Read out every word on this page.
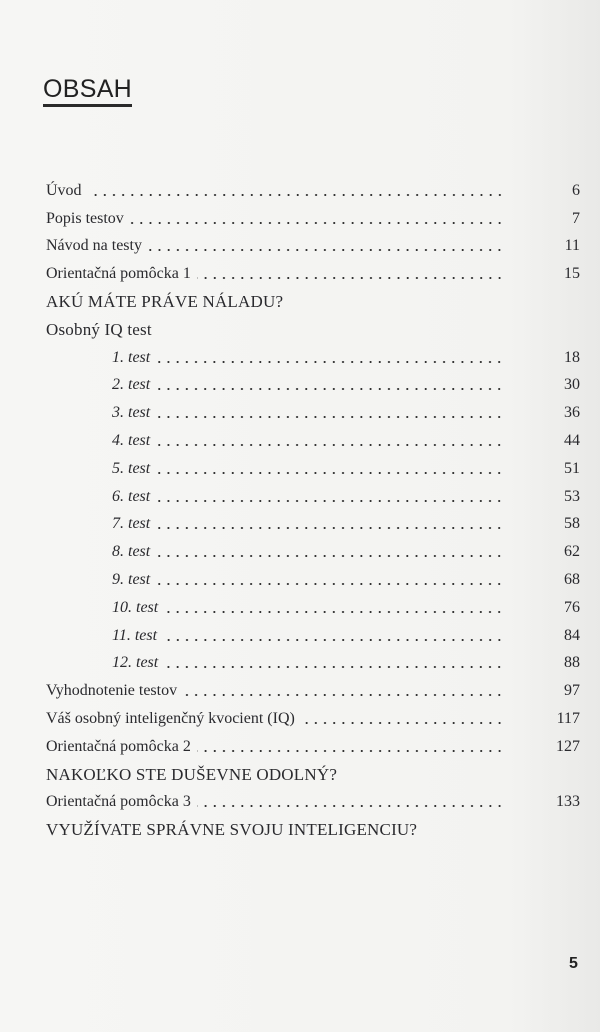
OBSAH
Úvod	6
Popis testov	7
Návod na testy	11
Orientačná pomôcka 1	15
AKÚ MÁTE PRÁVE NÁLADU?
Osobný IQ test
1. test	18
2. test	30
3. test	36
4. test	44
5. test	51
6. test	53
7. test	58
8. test	62
9. test	68
10. test	76
11. test	84
12. test	88
Vyhodnotenie testov	97
Váš osobný inteligenčný kvocient (IQ)	117
Orientačná pomôcka 2	127
NAKOĽKO STE DUŠEVNE ODOLNÝ?
Orientačná pomôcka 3	133
VYUŽÍVATE SPRÁVNE SVOJU INTELIGENCIU?
5
